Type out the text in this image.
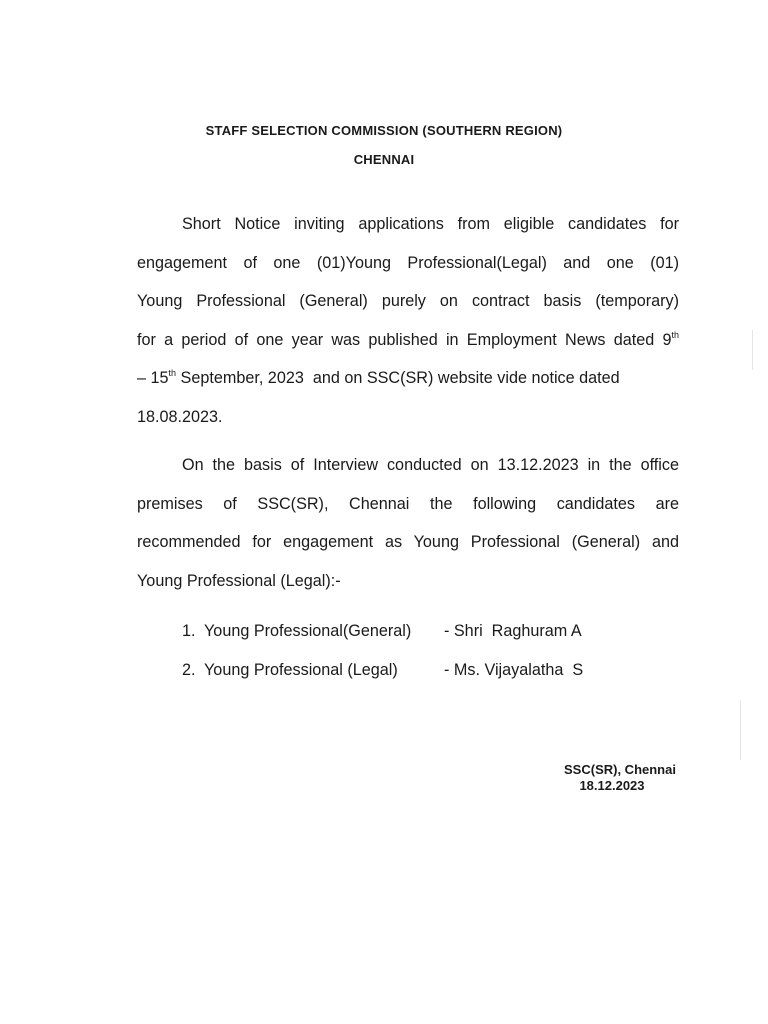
STAFF SELECTION COMMISSION (SOUTHERN REGION)
CHENNAI
Short Notice inviting applications from eligible candidates for
engagement of one (01)Young Professional(Legal) and one (01)
Young Professional (General) purely on contract basis (temporary)
for a period of one year was published in Employment News dated 9th
– 15th September, 2023  and on SSC(SR) website vide notice dated
18.08.2023.
On the basis of Interview conducted on 13.12.2023 in the office
premises of SSC(SR), Chennai the following candidates are
recommended for engagement as Young Professional (General) and
Young Professional (Legal):-
1. Young Professional(General)	- Shri  Raghuram A
2. Young Professional (Legal)	- Ms. Vijayalatha  S
SSC(SR), Chennai
18.12.2023
